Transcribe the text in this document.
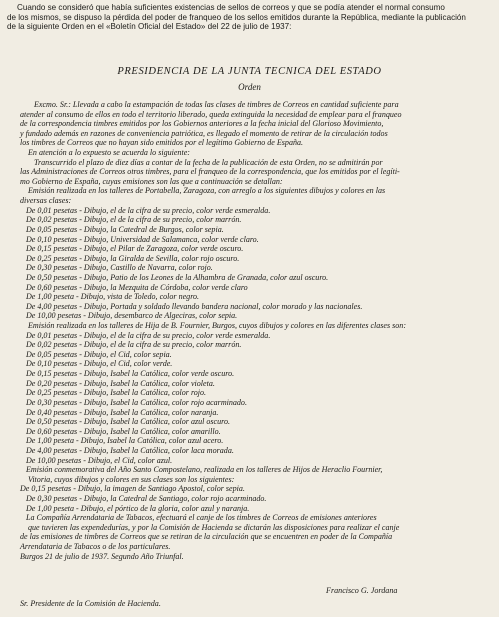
Cuando se consideró que había suficientes existencias de sellos de correos y que se podía atender el normal consumo
de los mismos, se dispuso la pérdida del poder de franqueo de los sellos emitidos durante la República, mediante la publicación
de la siguiente Orden en el «Boletín Oficial del Estado» del 22 de julio de 1937:
PRESIDENCIA DE LA JUNTA TECNICA DEL ESTADO
Orden
Excmo. Sr.: Llevada a cabo la estampación de todas las clases de timbres de Correos en cantidad suficiente para
atender al consumo de ellos en todo el territorio liberado, queda extinguida la necesidad de emplear para el franqueo
de la correspondencia timbres emitidos por los Gobiernos anteriores a la fecha inicial del Glorioso Movimiento,
y fundado además en razones de conveniencia patriótica, es llegado el momento de retirar de la circulación todos
los timbres de Correos que no hayan sido emitidos por el legítimo Gobierno de España.
En atención a lo expuesto se acuerda lo siguiente:
Transcurrido el plazo de diez días a contar de la fecha de la publicación de esta Orden, no se admitirán por
las Administraciones de Correos otros timbres, para el franqueo de la correspondencia, que los emitidos por el legíti-
mo Gobierno de España, cuyas emisiones son las que a continuación se detallan:
Emisión realizada en los talleres de Portabella, Zaragoza, con arreglo a los siguientes dibujos y colores en las
diversas clases:
De 0,01 pesetas - Dibujo, el de la cifra de su precio, color verde esmeralda.
De 0,02 pesetas - Dibujo, el de la cifra de su precio, color marrón.
De 0,05 pesetas - Dibujo, la Catedral de Burgos, color sepia.
De 0,10 pesetas - Dibujo, Universidad de Salamanca, color verde claro.
De 0,15 pesetas - Dibujo, el Pilar de Zaragoza, color verde oscuro.
De 0,25 pesetas - Dibujo, la Giralda de Sevilla, color rojo oscuro.
De 0,30 pesetas - Dibujo, Castillo de Navarra, color rojo.
De 0,50 pesetas - Dibujo, Patio de los Leones de la Alhambra de Granada, color azul oscuro.
De 0,60 pesetas - Dibujo, la Mezquita de Córdoba, color verde claro
De 1,00 peseta - Dibujo, vista de Toledo, color negro.
De 4,00 pesetas - Dibujo, Portada y soldado llevando bandera nacional, color morado y las nacionales.
De 10,00 pesetas - Dibujo, desembarco de Algeciras, color sepia.
Emisión realizada en los talleres de Hija de B. Fournier, Burgos, cuyos dibujos y colores en las diferentes clases son:
De 0,01 pesetas - Dibujo, el de la cifra de su precio, color verde esmeralda.
De 0,02 pesetas - Dibujo, el de la cifra de su precio, color marrón.
De 0,05 pesetas - Dibujo, el Cid, color sepia.
De 0,10 pesetas - Dibujo, el Cid, color verde.
De 0,15 pesetas - Dibujo, Isabel la Católica, color verde oscuro.
De 0,20 pesetas - Dibujo, Isabel la Católica, color violeta.
De 0,25 pesetas - Dibujo, Isabel la Católica, color rojo.
De 0,30 pesetas - Dibujo, Isabel la Católica, color rojo acarminado.
De 0,40 pesetas - Dibujo, Isabel la Católica, color naranja.
De 0,50 pesetas - Dibujo, Isabel la Católica, color azul oscuro.
De 0,60 pesetas - Dibujo, Isabel la Católica, color amarillo.
De 1,00 peseta - Dibujo, Isabel la Católica, color azul acero.
De 4,00 pesetas - Dibujo, Isabel la Católica, color laca morada.
De 10,00 pesetas - Dibujo, el Cid, color azul.
Emisión conmemorativa del Año Santo Compostelano, realizada en los talleres de Hijos de Heraclio Fournier,
Vitoria, cuyos dibujos y colores en sus clases son los siguientes:
De 0,15 pesetas - Dibujo, la imagen de Santiago Apostol, color sepia.
De 0,30 pesetas - Dibujo, la Catedral de Santiago, color rojo acarminado.
De 1,00 peseta - Dibujo, el pórtico de la gloria, color azul y naranja.
La Compañía Arrendataria de Tabacos, efectuará el canje de los timbres de Correos de emisiones anteriores
que tuvieren las expendedurías, y por la Comisión de Hacienda se dictarán las disposiciones para realizar el canje
de las emisiones de timbres de Correos que se retiran de la circulación que se encuentren en poder de la Compañía
Arrendataria de Tabacos o de los particulares.
Burgos 21 de julio de 1937. Segundo Año Triunfal.
Francisco G. Jordana
Sr. Presidente de la Comisión de Hacienda.
